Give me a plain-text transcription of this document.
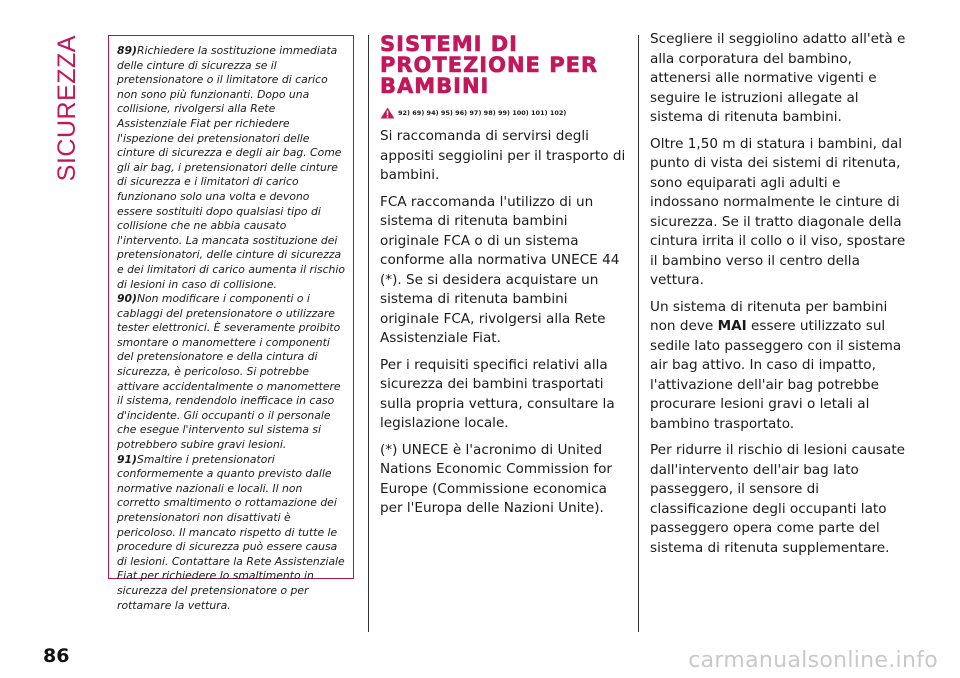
SICUREZZA	89)Richiedere la sostituzione immediata delle cinture di sicurezza se il pretensionatore o il limitatore di carico non sono più funzionanti. Dopo una collisione, rivolgersi alla Rete Assistenziale Fiat per richiedere l'ispezione dei pretensionatori delle cinture di sicurezza e degli air bag. Come gli air bag, i pretensionatori delle cinture di sicurezza e i limitatori di carico funzionano solo una volta e devono essere sostituiti dopo qualsiasi tipo di collisione che ne abbia causato l'intervento. La mancata sostituzione dei pretensionatori, delle cinture di sicurezza e dei limitatori di carico aumenta il rischio di lesioni in caso di collisione.

90)Non modificare i componenti o i cablaggi del pretensionatore o utilizzare tester elettronici. È severamente proibito smontare o manomettere i componenti del pretensionatore e della cintura di sicurezza, è pericoloso. Si potrebbe attivare accidentalmente o manomettere il sistema, rendendolo inefficace in caso d'incidente. Gli occupanti o il personale che esegue l'intervento sul sistema si potrebbero subire gravi lesioni.

91)Smaltire i pretensionatori conformemente a quanto previsto dalle normative nazionali e locali. Il non corretto smaltimento o rottamazione dei pretensionatori non disattivati è pericoloso. Il mancato rispetto di tutte le procedure di sicurezza può essere causa di lesioni. Contattare la Rete Assistenziale Fiat per richiedere lo smaltimento in sicurezza del pretensionatore o per rottamare la vettura.

SISTEMI DI PROTEZIONE PER BAMBINI
92) 69) 94) 95) 96) 97) 98) 99) 100) 101) 102)

Si raccomanda di servirsi degli appositi seggiolini per il trasporto di bambini.

FCA raccomanda l'utilizzo di un sistema di ritenuta bambini originale FCA o di un sistema conforme alla normativa UNECE 44 (*). Se si desidera acquistare un sistema di ritenuta bambini originale FCA, rivolgersi alla Rete Assistenziale Fiat.

Per i requisiti specifici relativi alla sicurezza dei bambini trasportati sulla propria vettura, consultare la legislazione locale.

(*) UNECE è l'acronimo di United Nations Economic Commission for Europe (Commissione economica per l'Europa delle Nazioni Unite).

Scegliere il seggiolino adatto all'età e alla corporatura del bambino, attenersi alle normative vigenti e seguire le istruzioni allegate al sistema di ritenuta bambini.

Oltre 1,50 m di statura i bambini, dal punto di vista dei sistemi di ritenuta, sono equiparati agli adulti e indossano normalmente le cinture di sicurezza. Se il tratto diagonale della cintura irrita il collo o il viso, spostare il bambino verso il centro della vettura.

Un sistema di ritenuta per bambini non deve MAI essere utilizzato sul sedile lato passeggero con il sistema air bag attivo. In caso di impatto, l'attivazione dell'air bag potrebbe procurare lesioni gravi o letali al bambino trasportato.

Per ridurre il rischio di lesioni causate dall'intervento dell'air bag lato passeggero, il sensore di classificazione degli occupanti lato passeggero opera come parte del sistema di ritenuta supplementare.

86	carmanualsonline.info
